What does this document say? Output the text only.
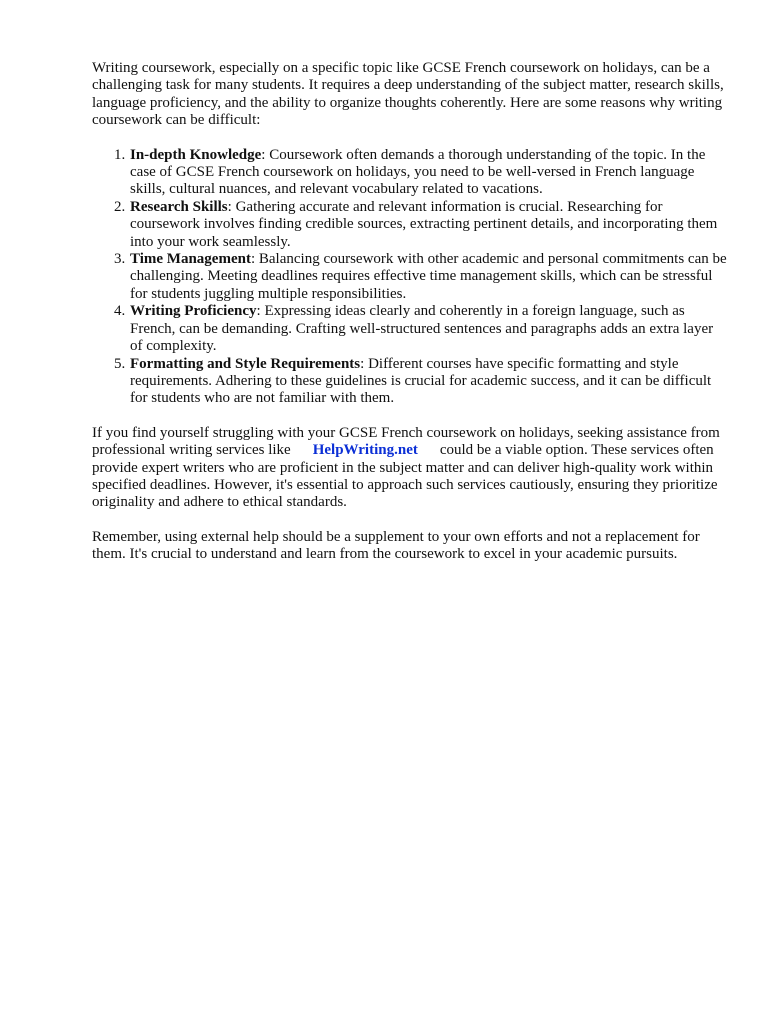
Writing coursework, especially on a specific topic like GCSE French coursework on holidays, can be a challenging task for many students. It requires a deep understanding of the subject matter, research skills, language proficiency, and the ability to organize thoughts coherently. Here are some reasons why writing coursework can be difficult:

1. In-depth Knowledge: Coursework often demands a thorough understanding of the topic. In the case of GCSE French coursework on holidays, you need to be well-versed in French language skills, cultural nuances, and relevant vocabulary related to vacations.
2. Research Skills: Gathering accurate and relevant information is crucial. Researching for coursework involves finding credible sources, extracting pertinent details, and incorporating them into your work seamlessly.
3. Time Management: Balancing coursework with other academic and personal commitments can be challenging. Meeting deadlines requires effective time management skills, which can be stressful for students juggling multiple responsibilities.
4. Writing Proficiency: Expressing ideas clearly and coherently in a foreign language, such as French, can be demanding. Crafting well-structured sentences and paragraphs adds an extra layer of complexity.
5. Formatting and Style Requirements: Different courses have specific formatting and style requirements. Adhering to these guidelines is crucial for academic success, and it can be difficult for students who are not familiar with them.

If you find yourself struggling with your GCSE French coursework on holidays, seeking assistance from professional writing services like HelpWriting.net could be a viable option. These services often provide expert writers who are proficient in the subject matter and can deliver high-quality work within specified deadlines. However, it's essential to approach such services cautiously, ensuring they prioritize originality and adhere to ethical standards.

Remember, using external help should be a supplement to your own efforts and not a replacement for them. It's crucial to understand and learn from the coursework to excel in your academic pursuits.
